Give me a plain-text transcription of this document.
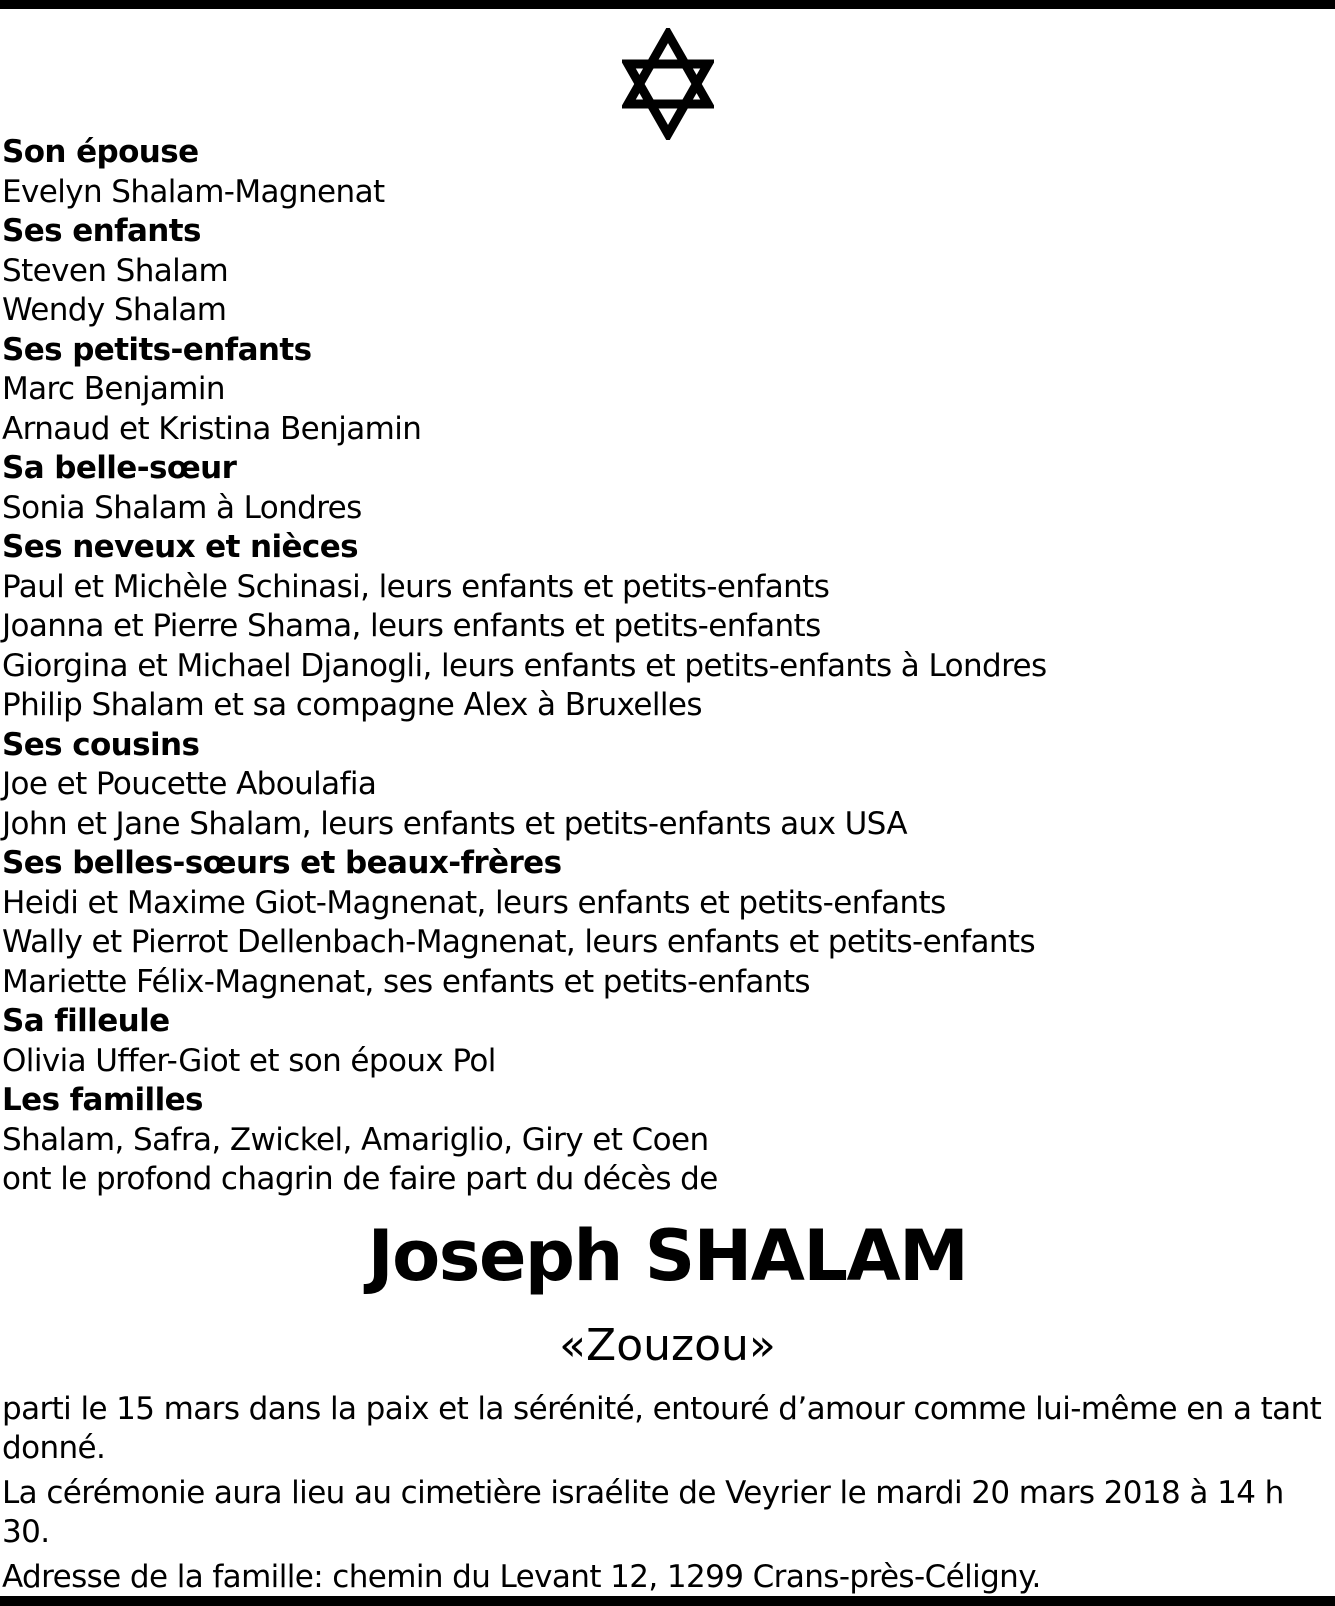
Son épouse
Evelyn Shalam-Magnenat
Ses enfants
Steven Shalam
Wendy Shalam
Ses petits-enfants
Marc Benjamin
Arnaud et Kristina Benjamin
Sa belle-sœur
Sonia Shalam à Londres
Ses neveux et nièces
Paul et Michèle Schinasi, leurs enfants et petits-enfants
Joanna et Pierre Shama, leurs enfants et petits-enfants
Giorgina et Michael Djanogli, leurs enfants et petits-enfants à Londres
Philip Shalam et sa compagne Alex à Bruxelles
Ses cousins
Joe et Poucette Aboulafia
John et Jane Shalam, leurs enfants et petits-enfants aux USA
Ses belles-sœurs et beaux-frères
Heidi et Maxime Giot-Magnenat, leurs enfants et petits-enfants
Wally et Pierrot Dellenbach-Magnenat, leurs enfants et petits-enfants
Mariette Félix-Magnenat, ses enfants et petits-enfants
Sa filleule
Olivia Uffer-Giot et son époux Pol
Les familles
Shalam, Safra, Zwickel, Amariglio, Giry et Coen
ont le profond chagrin de faire part du décès de
Joseph SHALAM
«Zouzou»

parti le 15 mars dans la paix et la sérénité, entouré d’amour comme lui-même en a tant donné.

La cérémonie aura lieu au cimetière israélite de Veyrier le mardi 20 mars 2018 à 14 h 30.

Adresse de la famille: chemin du Levant 12, 1299 Crans-près-Céligny.
